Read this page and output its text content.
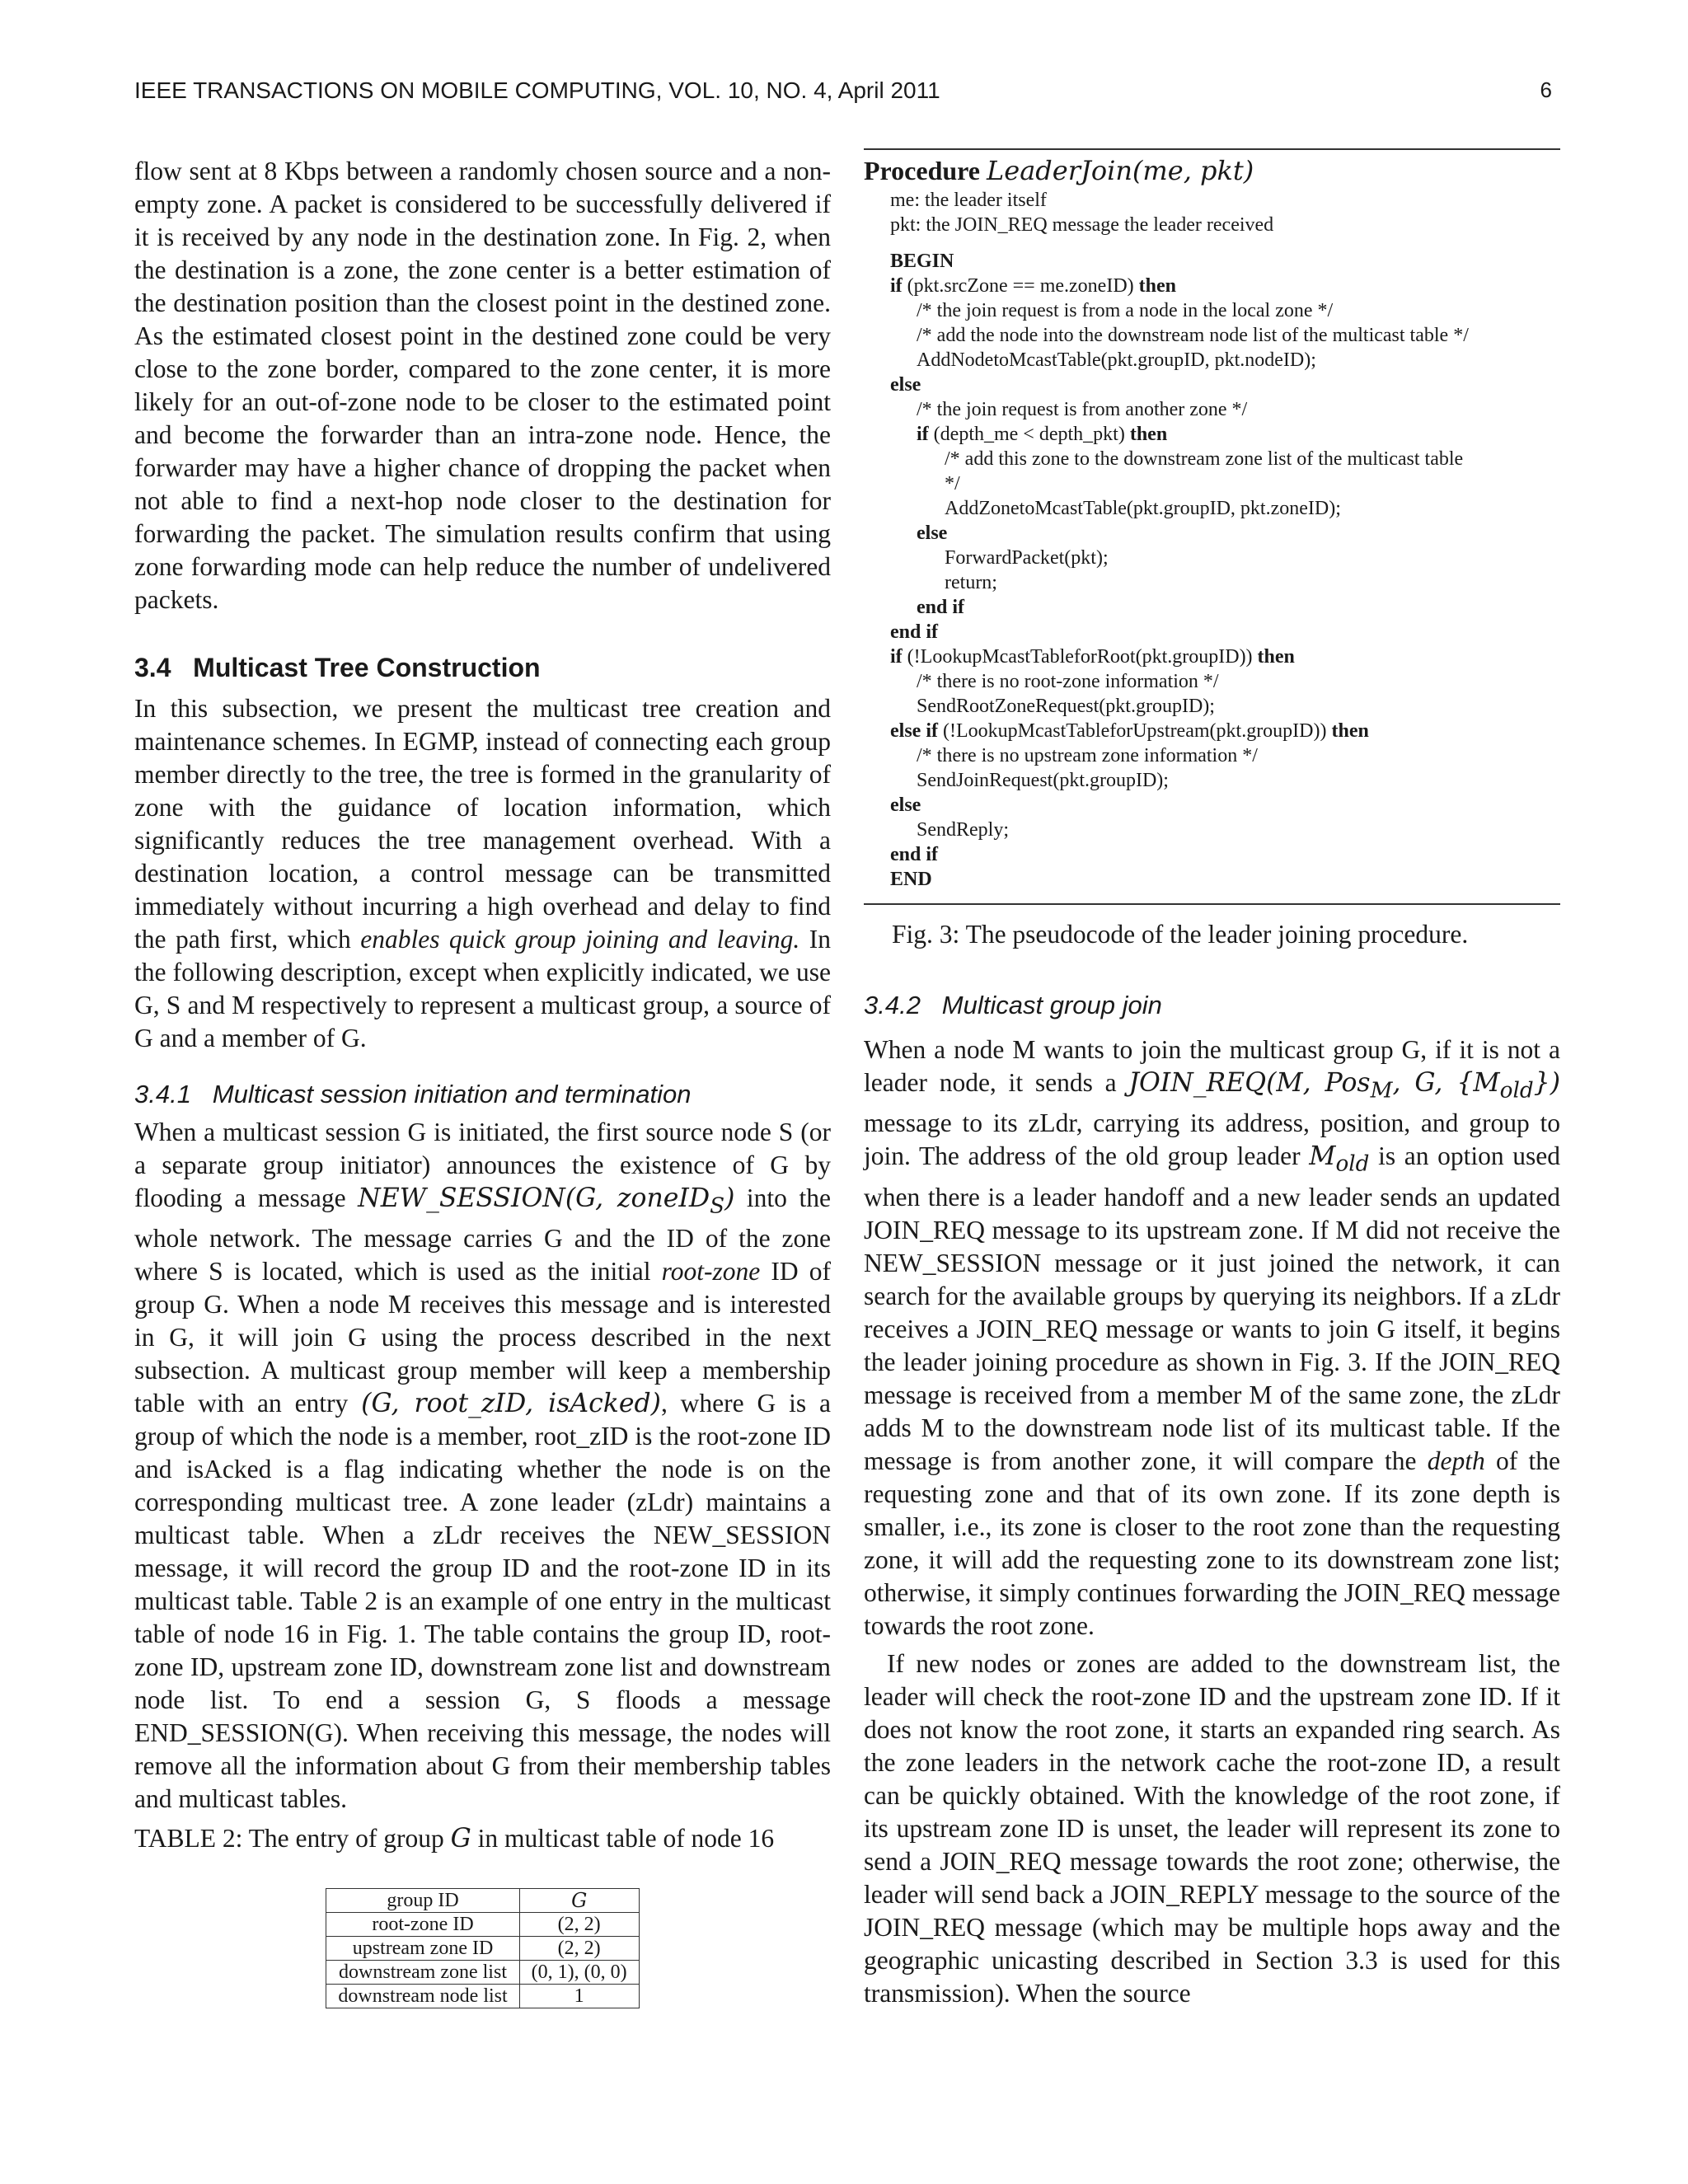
IEEE TRANSACTIONS ON MOBILE COMPUTING, VOL. 10, NO. 4, April 2011	6

flow sent at 8 Kbps between a randomly chosen source and a non-empty zone. A packet is considered to be successfully delivered if it is received by any node in the destination zone. In Fig. 2, when the destination is a zone, the zone center is a better estimation of the destination position than the closest point in the destined zone. As the estimated closest point in the destined zone could be very close to the zone border, compared to the zone center, it is more likely for an out-of-zone node to be closer to the estimated point and become the forwarder than an intra-zone node. Hence, the forwarder may have a higher chance of dropping the packet when not able to find a next-hop node closer to the destination for forwarding the packet. The simulation results confirm that using zone forwarding mode can help reduce the number of undelivered packets.

3.4   Multicast Tree Construction

In this subsection, we present the multicast tree creation and maintenance schemes. In EGMP, instead of connecting each group member directly to the tree, the tree is formed in the granularity of zone with the guidance of location information, which significantly reduces the tree management overhead. With a destination location, a control message can be transmitted immediately without incurring a high overhead and delay to find the path first, which enables quick group joining and leaving. In the following description, except when explicitly indicated, we use G, S and M respectively to represent a multicast group, a source of G and a member of G.

3.4.1   Multicast session initiation and termination

When a multicast session G is initiated, the first source node S (or a separate group initiator) announces the existence of G by flooding a message NEW_SESSION(G, zoneID$_S$) into the whole network. The message carries G and the ID of the zone where S is located, which is used as the initial root-zone ID of group G. When a node M receives this message and is interested in G, it will join G using the process described in the next subsection. A multicast group member will keep a membership table with an entry (G, root_zID, isAcked), where G is a group of which the node is a member, root_zID is the root-zone ID and isAcked is a flag indicating whether the node is on the corresponding multicast tree. A zone leader (zLdr) maintains a multicast table. When a zLdr receives the NEW_SESSION message, it will record the group ID and the root-zone ID in its multicast table. Table 2 is an example of one entry in the multicast table of node 16 in Fig. 1. The table contains the group ID, root-zone ID, upstream zone ID, downstream zone list and downstream node list. To end a session G, S floods a message END_SESSION(G). When receiving this message, the nodes will remove all the information about G from their membership tables and multicast tables.

TABLE 2: The entry of group G in multicast table of node 16

group ID	G
root-zone ID	(2, 2)
upstream zone ID	(2, 2)
downstream zone list	(0, 1), (0, 0)
downstream node list	1
Procedure LeaderJoin(me, pkt)
me: the leader itself
pkt: the JOIN_REQ message the leader received
BEGIN
if (pkt.srcZone == me.zoneID) then
/* the join request is from a node in the local zone */
/* add the node into the downstream node list of the multicast table */
AddNodetoMcastTable(pkt.groupID, pkt.nodeID);
else
/* the join request is from another zone */
if (depth_me < depth_pkt) then
/* add this zone to the downstream zone list of the multicast table
*/
AddZonetoMcastTable(pkt.groupID, pkt.zoneID);
else
ForwardPacket(pkt);
return;
end if
end if
if (!LookupMcastTableforRoot(pkt.groupID)) then
/* there is no root-zone information */
SendRootZoneRequest(pkt.groupID);
else if (!LookupMcastTableforUpstream(pkt.groupID)) then
/* there is no upstream zone information */
SendJoinRequest(pkt.groupID);
else
SendReply;
end if
END

Fig. 3: The pseudocode of the leader joining procedure.

3.4.2   Multicast group join

When a node M wants to join the multicast group G, if it is not a leader node, it sends a JOIN_REQ(M, Pos$_M$, G, $\{M_{old}\}$) message to its zLdr, carrying its address, position, and group to join. The address of the old group leader $M_{old}$ is an option used when there is a leader handoff and a new leader sends an updated JOIN_REQ message to its upstream zone. If M did not receive the NEW_SESSION message or it just joined the network, it can search for the available groups by querying its neighbors. If a zLdr receives a JOIN_REQ message or wants to join G itself, it begins the leader joining procedure as shown in Fig. 3. If the JOIN_REQ message is received from a member M of the same zone, the zLdr adds M to the downstream node list of its multicast table. If the message is from another zone, it will compare the depth of the requesting zone and that of its own zone. If its zone depth is smaller, i.e., its zone is closer to the root zone than the requesting zone, it will add the requesting zone to its downstream zone list; otherwise, it simply continues forwarding the JOIN_REQ message towards the root zone.

If new nodes or zones are added to the downstream list, the leader will check the root-zone ID and the upstream zone ID. If it does not know the root zone, it starts an expanded ring search. As the zone leaders in the network cache the root-zone ID, a result can be quickly obtained. With the knowledge of the root zone, if its upstream zone ID is unset, the leader will represent its zone to send a JOIN_REQ message towards the root zone; otherwise, the leader will send back a JOIN_REPLY message to the source of the JOIN_REQ message (which may be multiple hops away and the geographic unicasting described in Section 3.3 is used for this transmission). When the source
